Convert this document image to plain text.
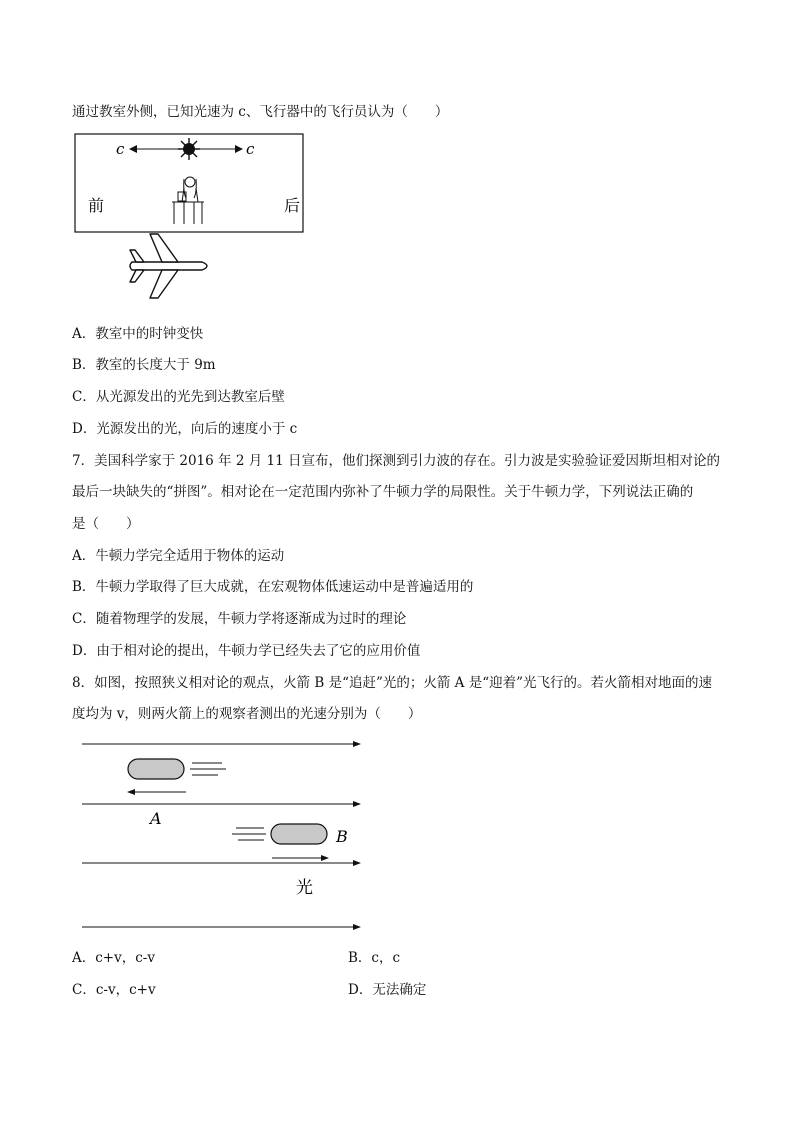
通过教室外侧，已知光速为 c、飞行器中的飞行员认为（　　）
c	c
前	后
A．教室中的时钟变快
B．教室的长度大于 9m
C．从光源发出的光先到达教室后壁
D．光源发出的光，向后的速度小于 c
7．美国科学家于 2016 年 2 月 11 日宣布，他们探测到引力波的存在。引力波是实验验证爱因斯坦相对论的
最后一块缺失的“拼图”。相对论在一定范围内弥补了牛顿力学的局限性。关于牛顿力学，下列说法正确的
是（　　）
A．牛顿力学完全适用于物体的运动
B．牛顿力学取得了巨大成就，在宏观物体低速运动中是普遍适用的
C．随着物理学的发展，牛顿力学将逐渐成为过时的理论
D．由于相对论的提出，牛顿力学已经失去了它的应用价值
8．如图，按照狭义相对论的观点，火箭 B 是“追赶”光的；火箭 A 是“迎着”光飞行的。若火箭相对地面的速
度均为 v，则两火箭上的观察者测出的光速分别为（　　）
A
B
光
A．c+v，c-v	B．c，c
C．c-v，c+v	D．无法确定
